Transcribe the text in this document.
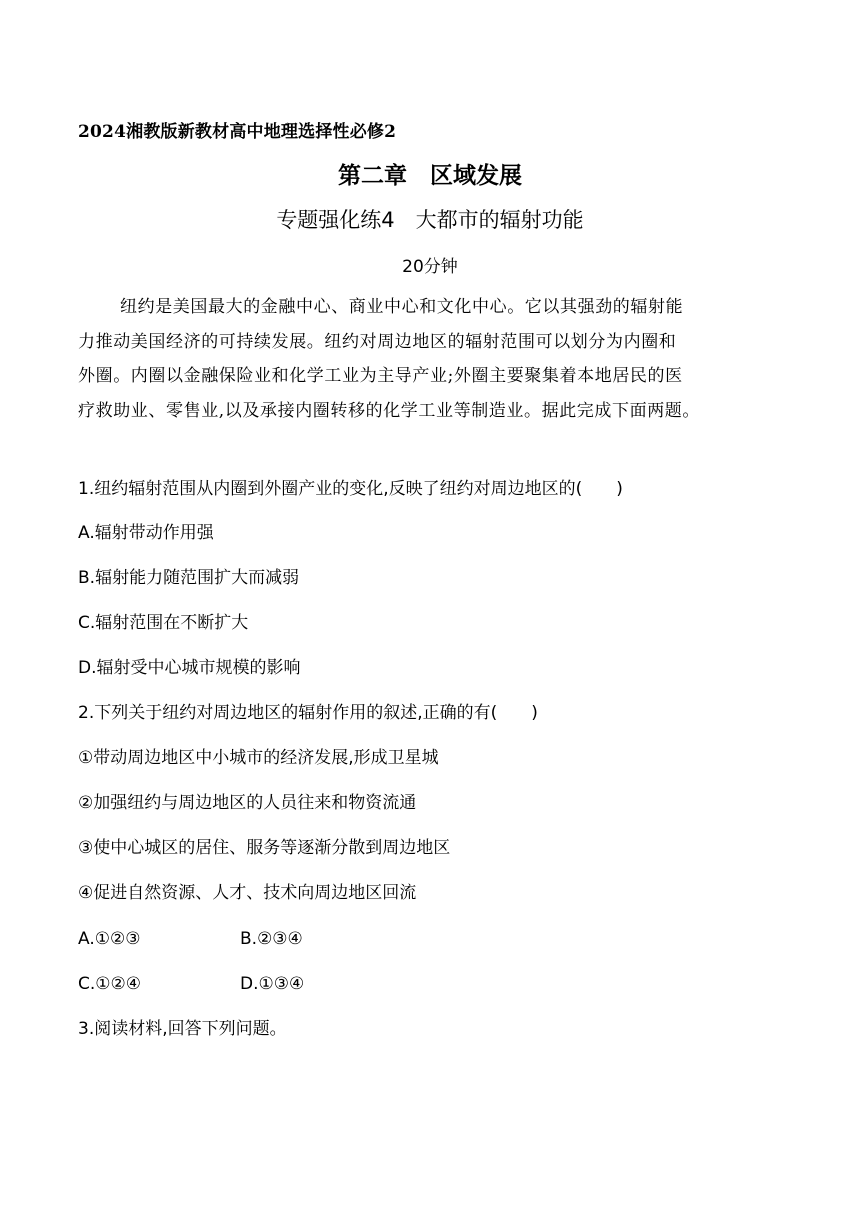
2024湘教版新教材高中地理选择性必修2
第二章　区域发展
专题强化练4　大都市的辐射功能
20分钟
纽约是美国最大的金融中心、商业中心和文化中心。它以其强劲的辐射能
力推动美国经济的可持续发展。纽约对周边地区的辐射范围可以划分为内圈和
外圈。内圈以金融保险业和化学工业为主导产业;外圈主要聚集着本地居民的医
疗救助业、零售业,以及承接内圈转移的化学工业等制造业。据此完成下面两题。
1.纽约辐射范围从内圈到外圈产业的变化,反映了纽约对周边地区的(　　)
A.辐射带动作用强
B.辐射能力随范围扩大而减弱
C.辐射范围在不断扩大
D.辐射受中心城市规模的影响
2.下列关于纽约对周边地区的辐射作用的叙述,正确的有(　　)
①带动周边地区中小城市的经济发展,形成卫星城
②加强纽约与周边地区的人员往来和物资流通
③使中心城区的居住、服务等逐渐分散到周边地区
④促进自然资源、人才、技术向周边地区回流
A.①②③	B.②③④
C.①②④	D.①③④
3.阅读材料,回答下列问题。
